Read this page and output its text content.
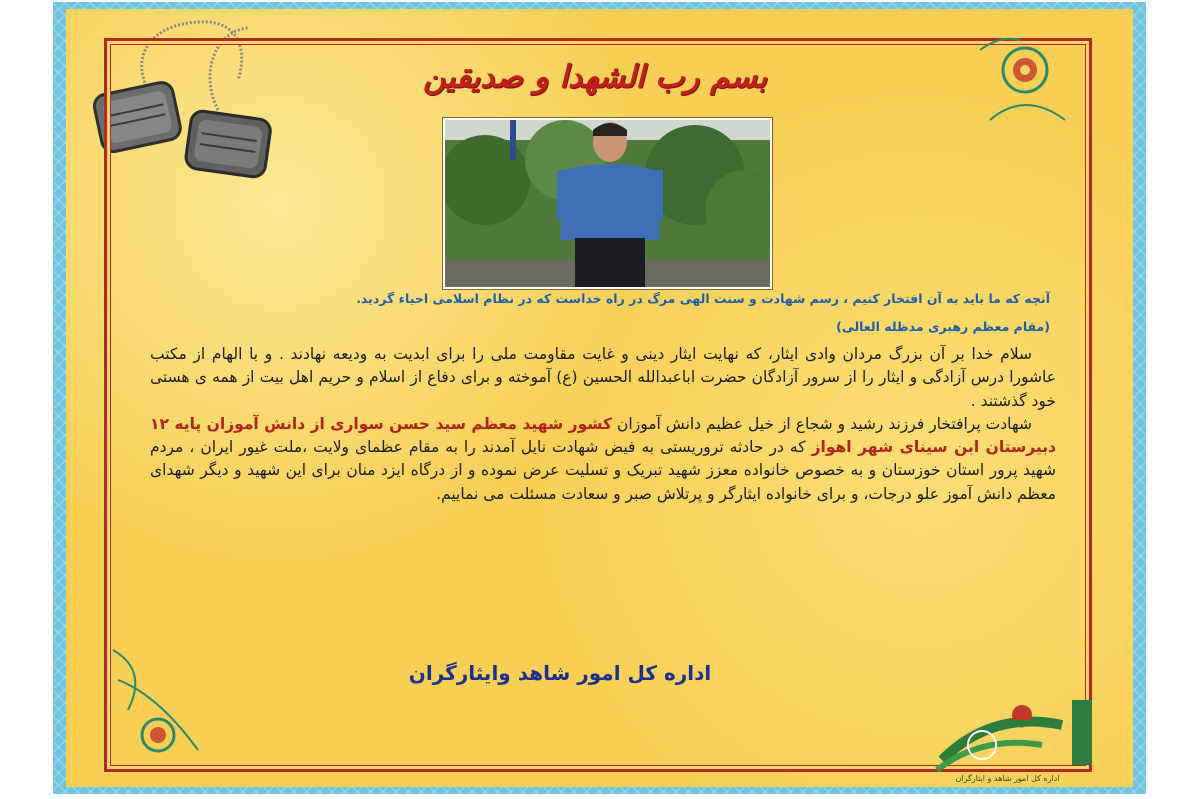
بسم رب الشهدا و صدیقین
آنچه که ما باید به آن افتخار کنیم ، رسم شهادت و سنت الهی مرگ در راه خداست که در نظام اسلامی احیاء گردید.
(مقام معظم رهبری مدظله العالی)

سلام خدا بر آن بزرگ مردان وادی ایثار، که نهایت ایثار دینی و غایت مقاومت ملی را برای ابدیت به ودیعه نهادند . و با الهام از مکتب عاشورا درس آزادگی و ایثار را از سرور آزادگان حضرت اباعبدالله الحسین (ع) آموخته و برای دفاع از اسلام و حریم اهل بیت از همه ی هستی خود گذشتند .

شهادت پرافتخار فرزند رشید و شجاع از خیل عظیم دانش آموزان کشور شهید معظم سید حسن سواری از دانش آموزان پایه ۱۲ دبیرستان ابن سینای شهر اهواز که در حادثه تروریستی به فیض شهادت نایل آمدند را به مقام عظمای ولایت ،ملت غیور ایران ، مردم شهید پرور استان خوزستان و به خصوص خانواده معزز شهید تبریک و تسلیت عرض نموده و از درگاه ایزد منان برای این شهید و دیگر شهدای معظم دانش آموز علو درجات، و برای خانواده ایثارگر و پرتلاش صبر و سعادت مسئلت می نماییم.

اداره کل امور شاهد وایثارگران
اداره کل امور شاهد و ایثارگران
